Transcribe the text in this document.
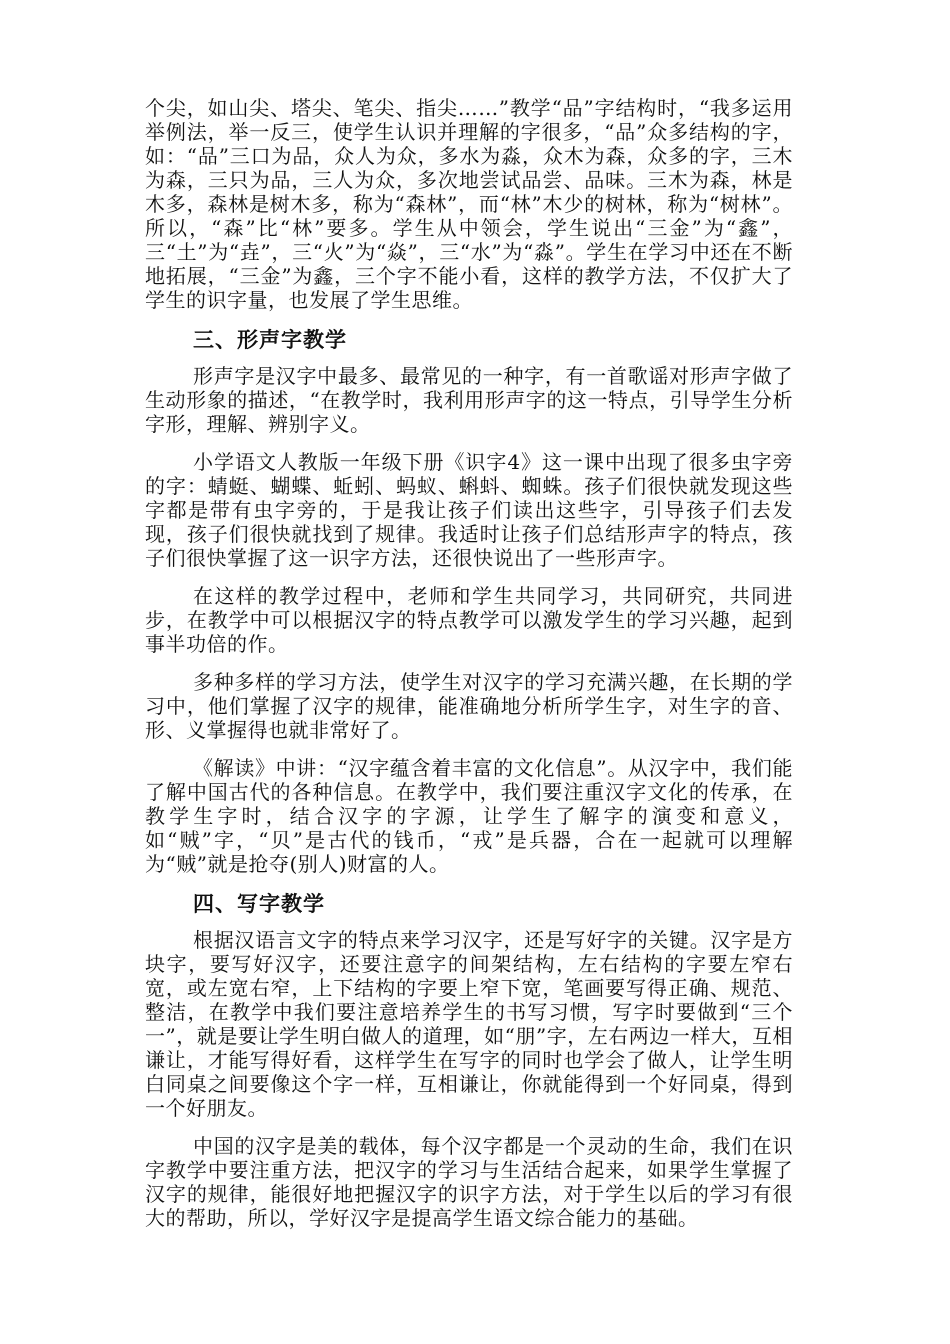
个尖，如山尖、塔尖、笔尖、指尖……”教学“品”字结构时，“我多运用举例法，举一反三，使学生认识并理解的字很多，“品”众多结构的字，如：“品”三口为品，众人为众，多水为淼，众木为森，众多的字，三木为森，三只为品，三人为众，多次地尝试品尝、品味。三木为森，林是木多，森林是树木多，称为“森林”，而“林”木少的树林，称为“树林”。所以，“森”比“林”要多。学生从中领会，学生说出“三金”为“鑫”，三“土”为“垚”，三“火”为“焱”，三“水”为“淼”。学生在学习中还在不断地拓展，“三金”为鑫，三个字不能小看，这样的教学方法，不仅扩大了学生的识字量，也发展了学生思维。

三、形声字教学

形声字是汉字中最多、最常见的一种字，有一首歌谣对形声字做了生动形象的描述，“在教学时，我利用形声字的这一特点，引导学生分析字形，理解、辨别字义。

小学语文人教版一年级下册《识字4》这一课中出现了很多虫字旁的字：蜻蜓、蝴蝶、蚯蚓、蚂蚁、蝌蚪、蜘蛛。孩子们很快就发现这些字都是带有虫字旁的，于是我让孩子们读出这些字，引导孩子们去发现，孩子们很快就找到了规律。我适时让孩子们总结形声字的特点，孩子们很快掌握了这一识字方法，还很快说出了一些形声字。

在这样的教学过程中，老师和学生共同学习，共同研究，共同进步，在教学中可以根据汉字的特点教学可以激发学生的学习兴趣，起到事半功倍的作。

多种多样的学习方法，使学生对汉字的学习充满兴趣，在长期的学习中，他们掌握了汉字的规律，能准确地分析所学生字，对生字的音、形、义掌握得也就非常好了。

《解读》中讲：“汉字蕴含着丰富的文化信息”。从汉字中，我们能了解中国古代的各种信息。在教学中，我们要注重汉字文化的传承，在教学生字时，结合汉字的字源，让学生了解字的演变和意义，如“贼”字，“贝”是古代的钱币，“戎”是兵器，合在一起就可以理解为“贼”就是抢夺(别人)财富的人。

四、写字教学

根据汉语言文字的特点来学习汉字，还是写好字的关键。汉字是方块字，要写好汉字，还要注意字的间架结构，左右结构的字要左窄右宽，或左宽右窄，上下结构的字要上窄下宽，笔画要写得正确、规范、整洁，在教学中我们要注意培养学生的书写习惯，写字时要做到“三个一”，就是要让学生明白做人的道理，如“朋”字，左右两边一样大，互相谦让，才能写得好看，这样学生在写字的同时也学会了做人，让学生明白同桌之间要像这个字一样，互相谦让，你就能得到一个好同桌，得到一个好朋友。

中国的汉字是美的载体，每个汉字都是一个灵动的生命，我们在识字教学中要注重方法，把汉字的学习与生活结合起来，如果学生掌握了汉字的规律，能很好地把握汉字的识字方法，对于学生以后的学习有很大的帮助，所以，学好汉字是提高学生语文综合能力的基础。
